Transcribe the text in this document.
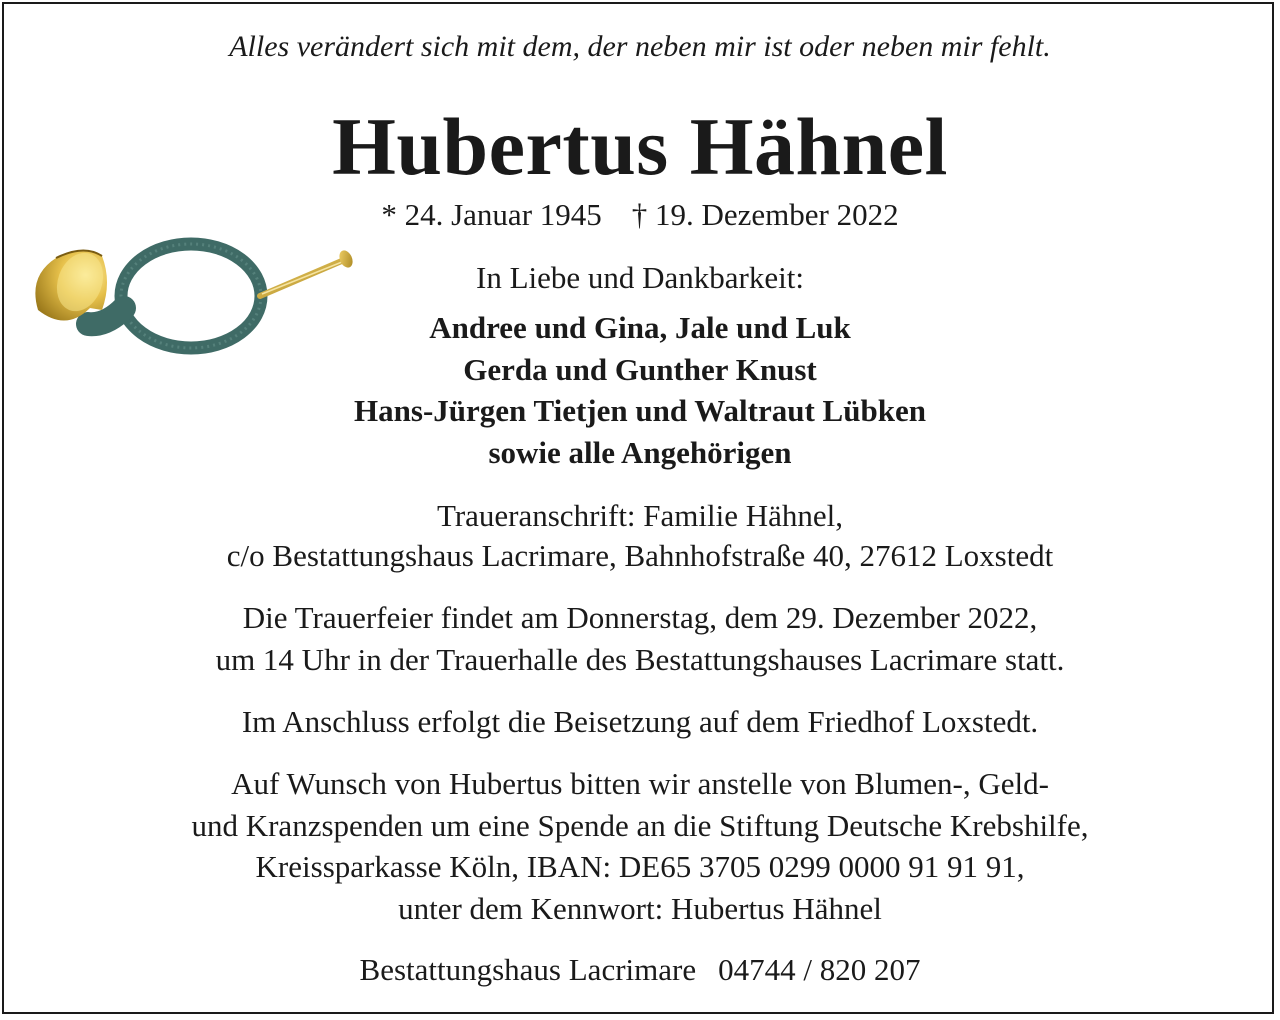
Alles verändert sich mit dem, der neben mir ist oder neben mir fehlt.
Hubertus Hähnel
* 24. Januar 1945 † 19. Dezember 2022
In Liebe und Dankbarkeit:
Andree und Gina, Jale und Luk
Gerda und Gunther Knust
Hans-Jürgen Tietjen und Waltraut Lübken
sowie alle Angehörigen
Traueranschrift: Familie Hähnel,
c/o Bestattungshaus Lacrimare, Bahnhofstraße 40, 27612 Loxstedt
Die Trauerfeier findet am Donnerstag, dem 29. Dezember 2022,
um 14 Uhr in der Trauerhalle des Bestattungshauses Lacrimare statt.
Im Anschluss erfolgt die Beisetzung auf dem Friedhof Loxstedt.
Auf Wunsch von Hubertus bitten wir anstelle von Blumen-, Geld-
und Kranzspenden um eine Spende an die Stiftung Deutsche Krebshilfe,
Kreissparkasse Köln, IBAN: DE65 3705 0299 0000 91 91 91,
unter dem Kennwort: Hubertus Hähnel
Bestattungshaus Lacrimare 04744 / 820 207
